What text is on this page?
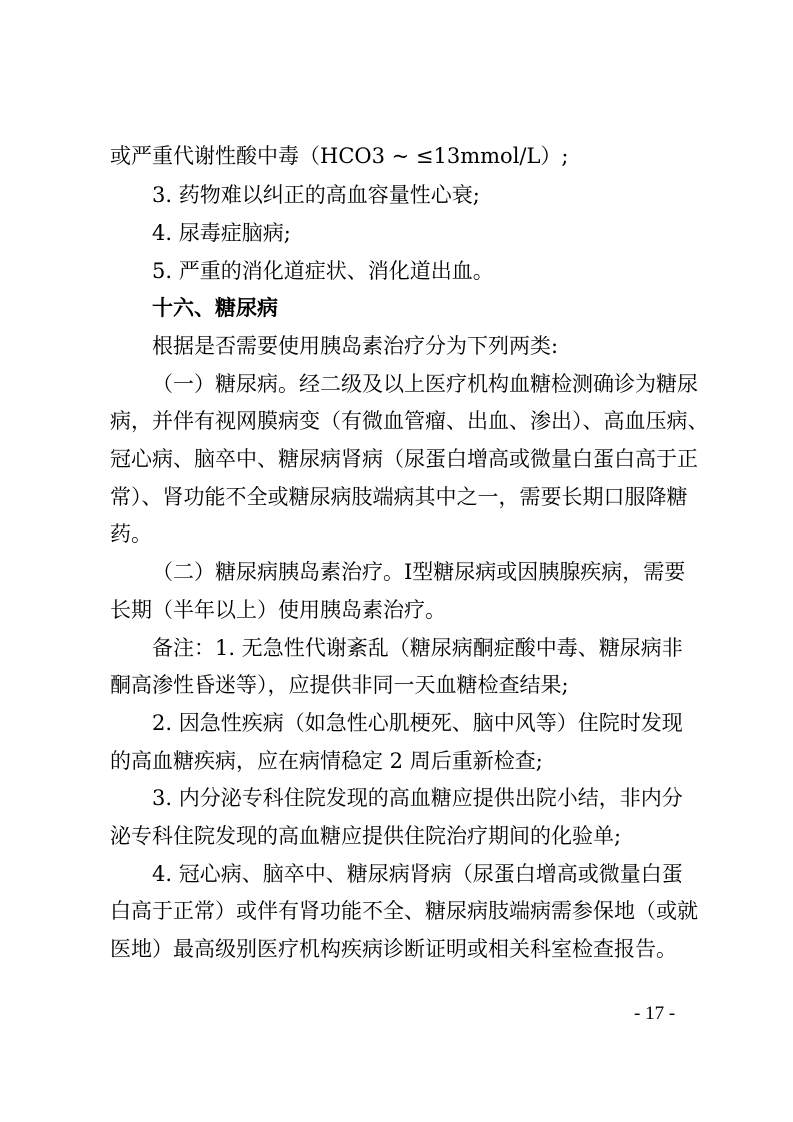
或严重代谢性酸中毒（HCO3 ~ ≤13mmol/L）;
3. 药物难以纠正的高血容量性心衰;
4. 尿毒症脑病;
5. 严重的消化道症状、消化道出血。
十六、糖尿病
根据是否需要使用胰岛素治疗分为下列两类:
（一）糖尿病。经二级及以上医疗机构血糖检测确诊为糖尿
病，并伴有视网膜病变（有微血管瘤、出血、渗出）、高血压病、
冠心病、脑卒中、糖尿病肾病（尿蛋白增高或微量白蛋白高于正
常）、肾功能不全或糖尿病肢端病其中之一，需要长期口服降糖
药。
（二）糖尿病胰岛素治疗。Ⅰ型糖尿病或因胰腺疾病，需要
长期（半年以上）使用胰岛素治疗。
备注：1. 无急性代谢紊乱（糖尿病酮症酸中毒、糖尿病非
酮高渗性昏迷等），应提供非同一天血糖检查结果;
2. 因急性疾病（如急性心肌梗死、脑中风等）住院时发现
的高血糖疾病，应在病情稳定 2 周后重新检查;
3. 内分泌专科住院发现的高血糖应提供出院小结，非内分
泌专科住院发现的高血糖应提供住院治疗期间的化验单;
4. 冠心病、脑卒中、糖尿病肾病（尿蛋白增高或微量白蛋
白高于正常）或伴有肾功能不全、糖尿病肢端病需参保地（或就
医地）最高级别医疗机构疾病诊断证明或相关科室检查报告。
- 17 -
